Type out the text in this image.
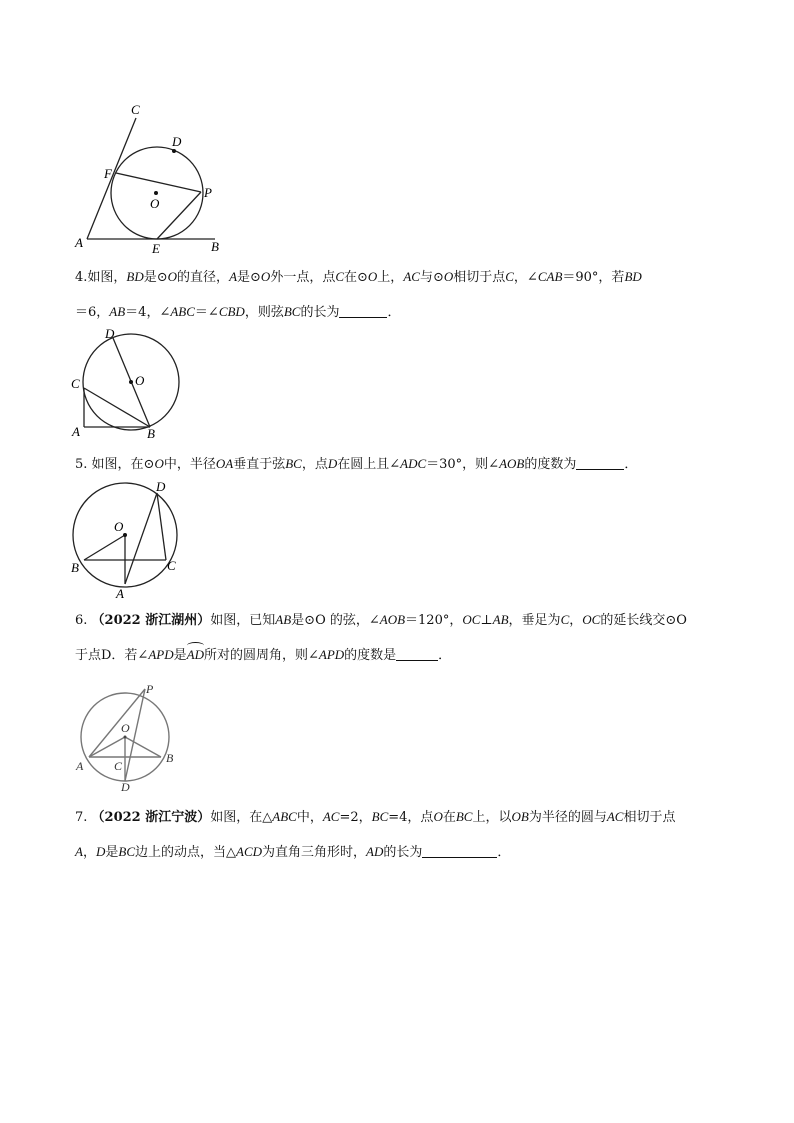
C
D
F
O
P
A	E	B
4.如图，BD是⊙O的直径，A是⊙O外一点，点C在⊙O上，AC与⊙O相切于点C，∠CAB＝90°，若BD
＝6，AB＝4，∠ABC＝∠CBD，则弦BC的长为	．
D
O
C
A	B
5. 如图，在⊙O中，半径OA垂直于弦BC，点D在圆上且∠ADC＝30°，则∠AOB的度数为	．
D
O
B	C
A
6. （2022 浙江湖州）如图，已知AB是⊙O 的弦，∠AOB＝120°，OC⊥AB，垂足为C，OC的延长线交⊙O
于点D．若∠APD是
AD所对的圆周角，则∠APD的度数是	．
P
O
A	C
B
D
7. （2022 浙江宁波）如图，在△ABC中，AC=2，BC=4，点O在BC上，以OB为半径的圆与AC相切于点
A，D是BC边上的动点，当△ACD为直角三角形时，AD的长为	．
